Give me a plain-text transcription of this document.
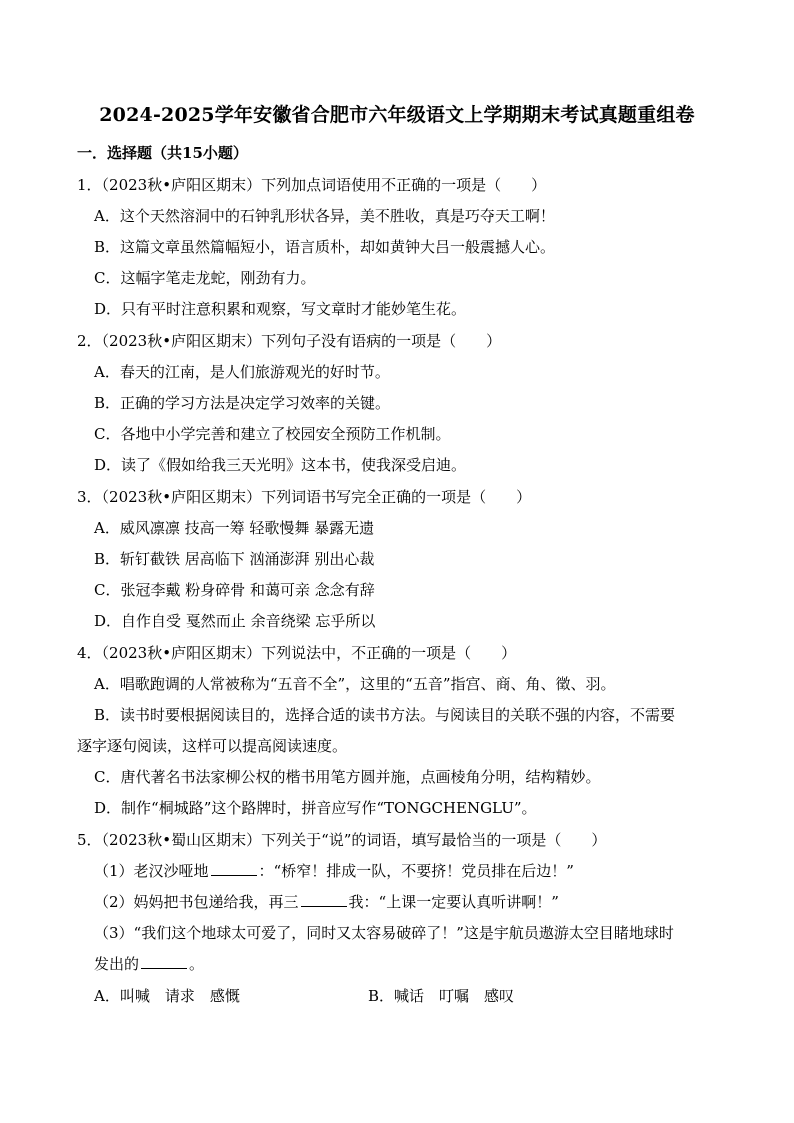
2024-2025学年安徽省合肥市六年级语文上学期期末考试真题重组卷
一．选择题（共15小题）
1．（2023秋•庐阳区期末）下列加点词语使用不正确的一项是（　　）
A．这个天然溶洞中的石钟乳形状各异，美不胜收，真是巧夺天工啊！
B．这篇文章虽然篇幅短小，语言质朴，却如黄钟大吕一般震撼人心。
C．这幅字笔走龙蛇，刚劲有力。
D．只有平时注意积累和观察，写文章时才能妙笔生花。
2．（2023秋•庐阳区期末）下列句子没有语病的一项是（　　）
A．春天的江南，是人们旅游观光的好时节。
B．正确的学习方法是决定学习效率的关键。
C．各地中小学完善和建立了校园安全预防工作机制。
D．读了《假如给我三天光明》这本书，使我深受启迪。
3．（2023秋•庐阳区期末）下列词语书写完全正确的一项是（　　）
A．威风凛凛 技高一筹 轻歌慢舞 暴露无遗
B．斩钉截铁 居高临下 汹涌澎湃 别出心裁
C．张冠李戴 粉身碎骨 和蔼可亲 念念有辞
D．自作自受 戛然而止 余音绕梁 忘乎所以
4．（2023秋•庐阳区期末）下列说法中，不正确的一项是（　　）
A．唱歌跑调的人常被称为“五音不全”，这里的“五音”指宫、商、角、徵、羽。
B．读书时要根据阅读目的，选择合适的读书方法。与阅读目的关联不强的内容，不需要
逐字逐句阅读，这样可以提高阅读速度。
C．唐代著名书法家柳公权的楷书用笔方圆并施，点画棱角分明，结构精妙。
D．制作“桐城路”这个路牌时，拼音应写作“TONGCHENGLU”。
5．（2023秋•蜀山区期末）下列关于“说”的词语，填写最恰当的一项是（　　）
（1）老汉沙哑地	：“桥窄！排成一队，不要挤！党员排在后边！”
（2）妈妈把书包递给我，再三	我：“上课一定要认真听讲啊！”
（3）“我们这个地球太可爱了，同时又太容易破碎了！”这是宇航员遨游太空目睹地球时
发出的	。
A．叫喊　请求　感慨	B．喊话　叮嘱　感叹
